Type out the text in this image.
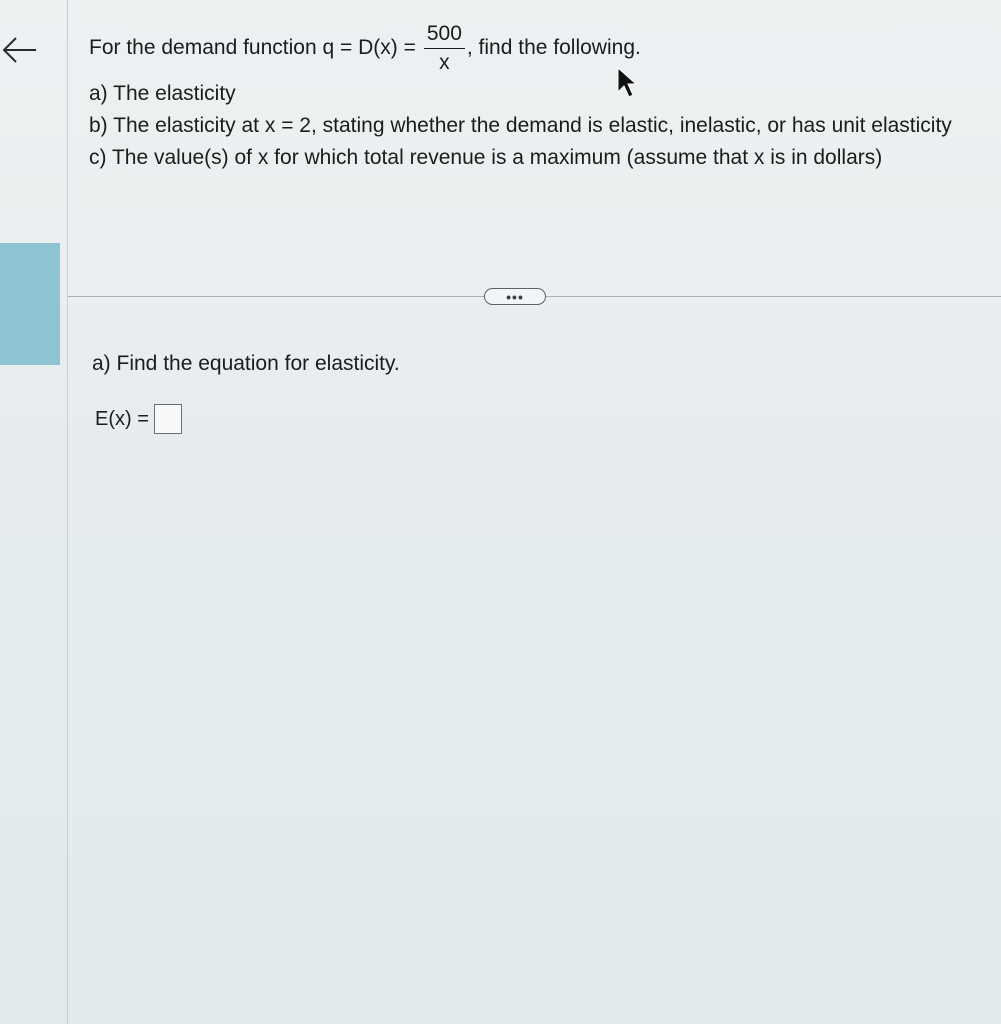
For the demand function $q = D(x) = \frac{500}{x}$ , find the following.

a) The elasticity

b) The elasticity at x = 2, stating whether the demand is elastic, inelastic, or has unit elasticity

c) The value(s) of x for which total revenue is a maximum (assume that x is in dollars)

•••
a) Find the equation for elasticity.
E(x) =
